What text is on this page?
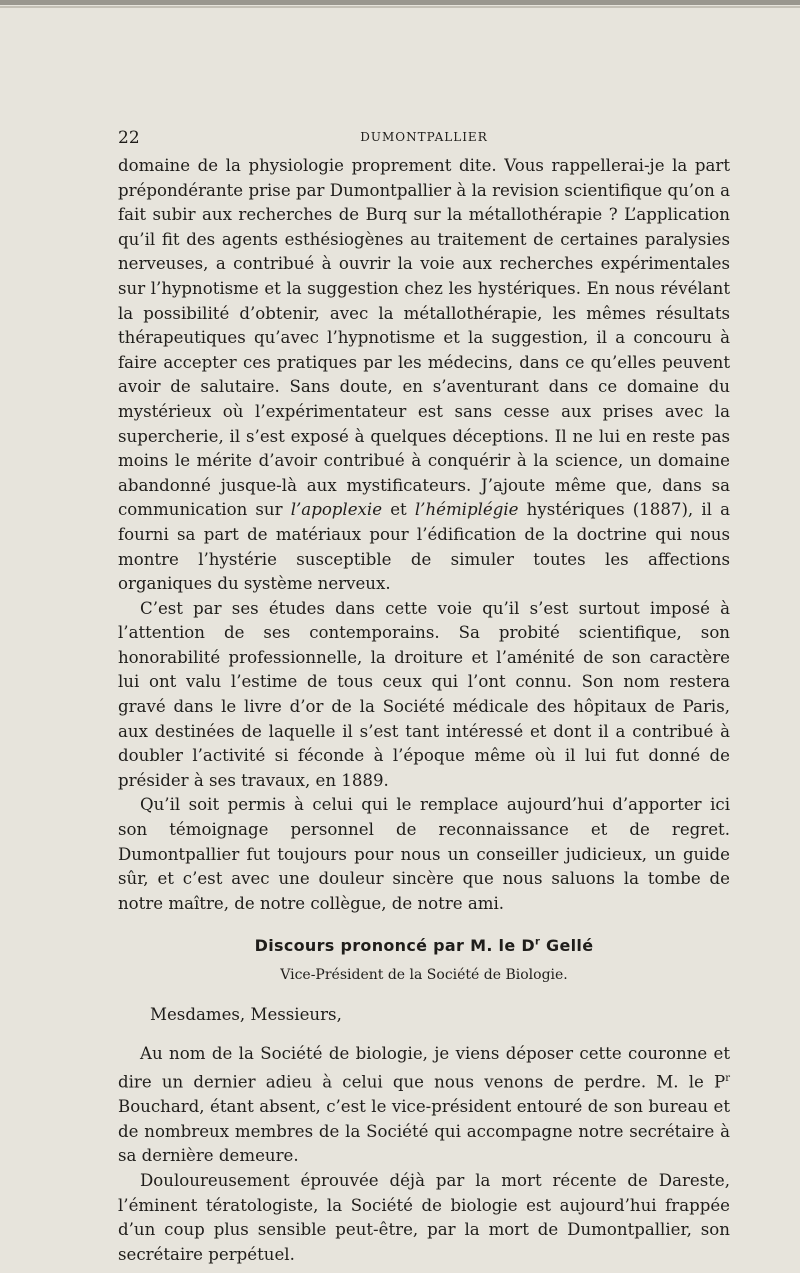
22	DUMONTPALLIER

domaine de la physiologie proprement dite. Vous rappellerai-je la part prépondérante prise par Dumontpallier à la revision scientifique qu’on a fait subir aux recherches de Burq sur la métallothérapie ? L’application qu’il fit des agents esthésiogènes au traitement de certaines paralysies nerveuses, a contribué à ouvrir la voie aux recherches expérimentales sur l’hypnotisme et la suggestion chez les hystériques. En nous révélant la possibilité d’obtenir, avec la métallothérapie, les mêmes résultats thérapeutiques qu’avec l’hypnotisme et la suggestion, il a concouru à faire accepter ces pratiques par les médecins, dans ce qu’elles peuvent avoir de salutaire. Sans doute, en s’aventurant dans ce domaine du mystérieux où l’expérimentateur est sans cesse aux prises avec la supercherie, il s’est exposé à quelques déceptions. Il ne lui en reste pas moins le mérite d’avoir contribué à conquérir à la science, un domaine abandonné jusque-là aux mystificateurs. J’ajoute même que, dans sa communication sur l’apoplexie et l’hémiplégie hystériques (1887), il a fourni sa part de matériaux pour l’édification de la doctrine qui nous montre l’hystérie susceptible de simuler toutes les affections organiques du système nerveux.

C’est par ses études dans cette voie qu’il s’est surtout imposé à l’attention de ses contemporains. Sa probité scientifique, son honorabilité professionnelle, la droiture et l’aménité de son caractère lui ont valu l’estime de tous ceux qui l’ont connu. Son nom restera gravé dans le livre d’or de la Société médicale des hôpitaux de Paris, aux destinées de laquelle il s’est tant intéressé et dont il a contribué à doubler l’activité si féconde à l’époque même où il lui fut donné de présider à ses travaux, en 1889.

Qu’il soit permis à celui qui le remplace aujourd’hui d’apporter ici son témoignage personnel de reconnaissance et de regret. Dumontpallier fut toujours pour nous un conseiller judicieux, un guide sûr, et c’est avec une douleur sincère que nous saluons la tombe de notre maître, de notre collègue, de notre ami.

Discours prononcé par M. le $D^r$ Gellé
Vice-Président de la Société de Biologie.
Mesdames, Messieurs,

Au nom de la Société de biologie, je viens déposer cette couronne et dire un dernier adieu à celui que nous venons de perdre. M. le $P^r$ Bouchard, étant absent, c’est le vice-président entouré de son bureau et de nombreux membres de la Société qui accompagne notre secrétaire à sa dernière demeure.

Douloureusement éprouvée déjà par la mort récente de Dareste, l’éminent tératologiste, la Société de biologie est aujourd’hui frappée d’un coup plus sensible peut-être, par la mort de Dumontpallier, son secrétaire perpétuel.
